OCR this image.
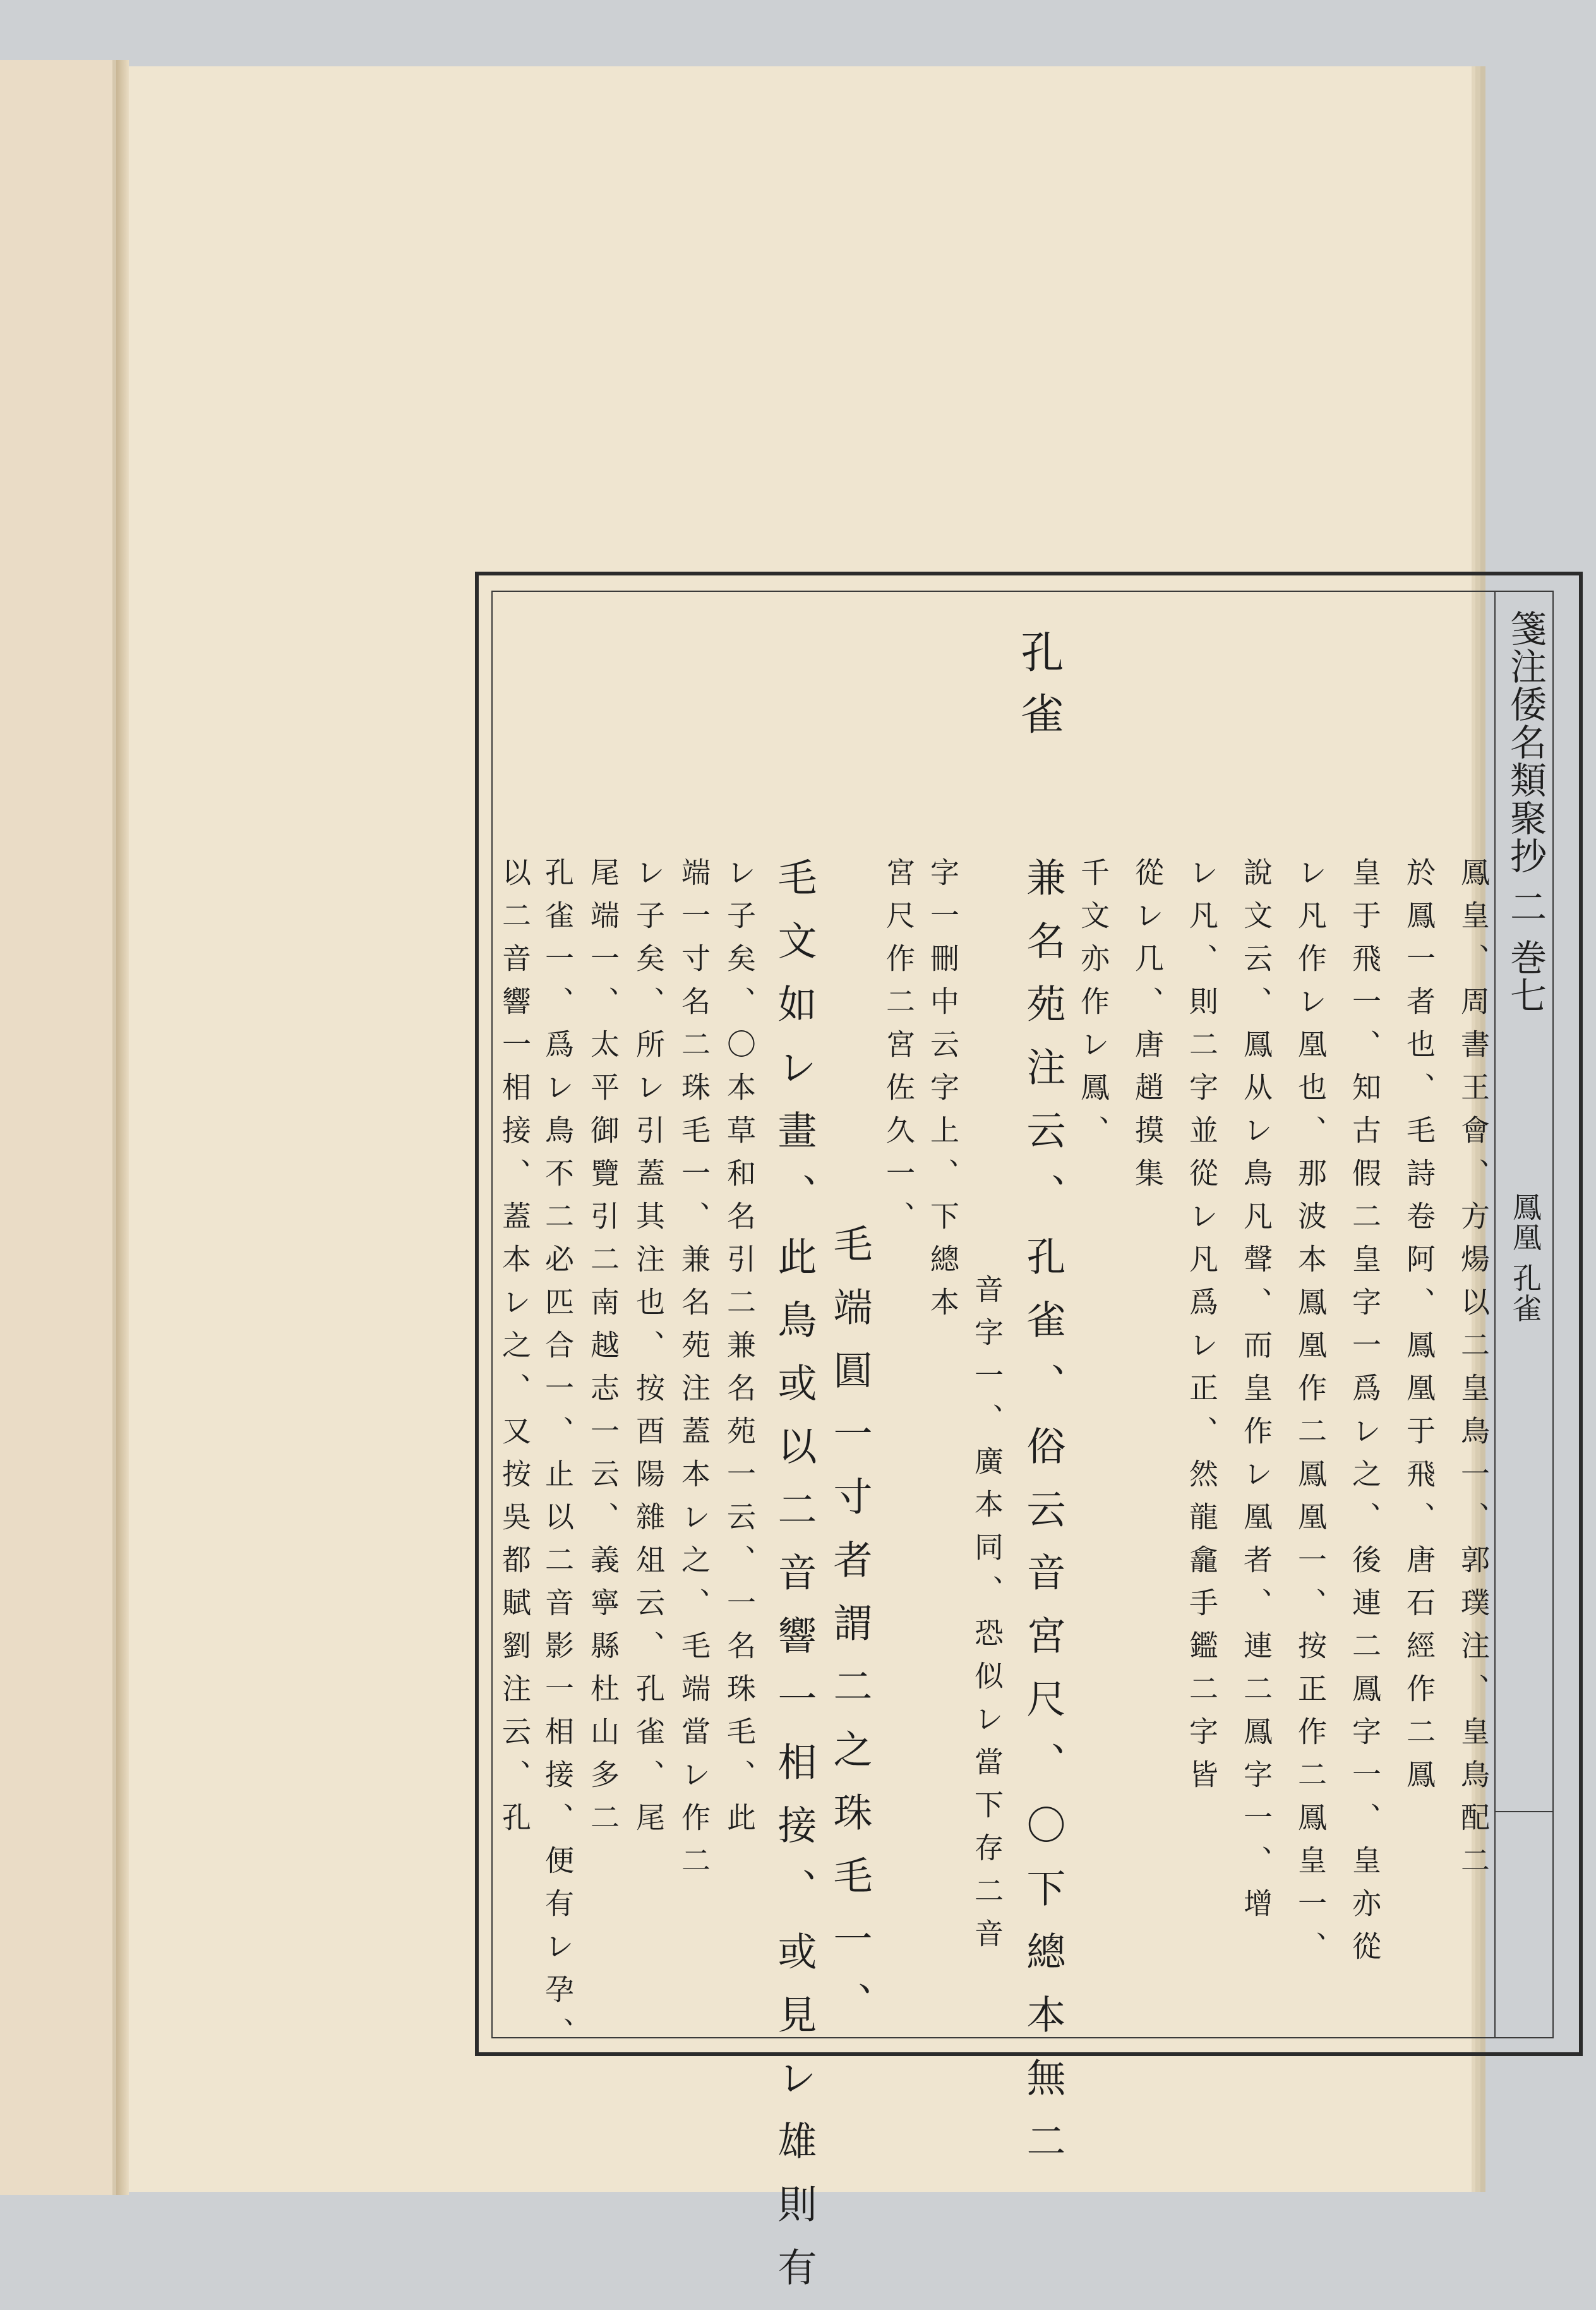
箋注倭名類聚抄 二 巻七
鳳凰 孔雀
孔雀
鳳皇、周書王會、方煬以二皇鳥一、郭璞注、皇鳥配二
於鳳一者也、毛詩卷阿、鳳凰于飛、唐石經作二鳳
皇于飛一、知古假二皇字一爲レ之、後連二鳳字一、皇亦從
レ凡作レ凰也、那波本鳳凰作二鳳凰一、按正作二鳳皇一、
說文云、鳳从レ鳥凡聲、而皇作レ凰者、連二鳳字一、增
レ凡、則二字並從レ凡爲レ正、然龍龕手鑑二字皆
從レ几、唐趙摸集
千文亦作レ鳳、
兼名苑注云、孔雀、俗云音宮尺、〇下總本無二
音字一、廣本同、恐似レ當下存二音
字一刪中云字上、下總本
宮尺作二宮佐久一、
毛端圓一寸者謂二之珠毛一、
毛文如レ畫、此鳥或以二音響一相接、或見レ雄則有
レ子矣、〇本草和名引二兼名苑一云、一名珠毛、此
端一寸名二珠毛一、兼名苑注蓋本レ之、毛端當レ作二
レ子矣、所レ引蓋其注也、按酉陽雜俎云、孔雀、尾
尾端一、太平御覽引二南越志一云、義寧縣杜山多二
孔雀一、爲レ鳥不二必匹合一、止以二音影一相接、便有レ孕、
以二音響一相接、蓋本レ之、又按吳都賦劉注云、孔
